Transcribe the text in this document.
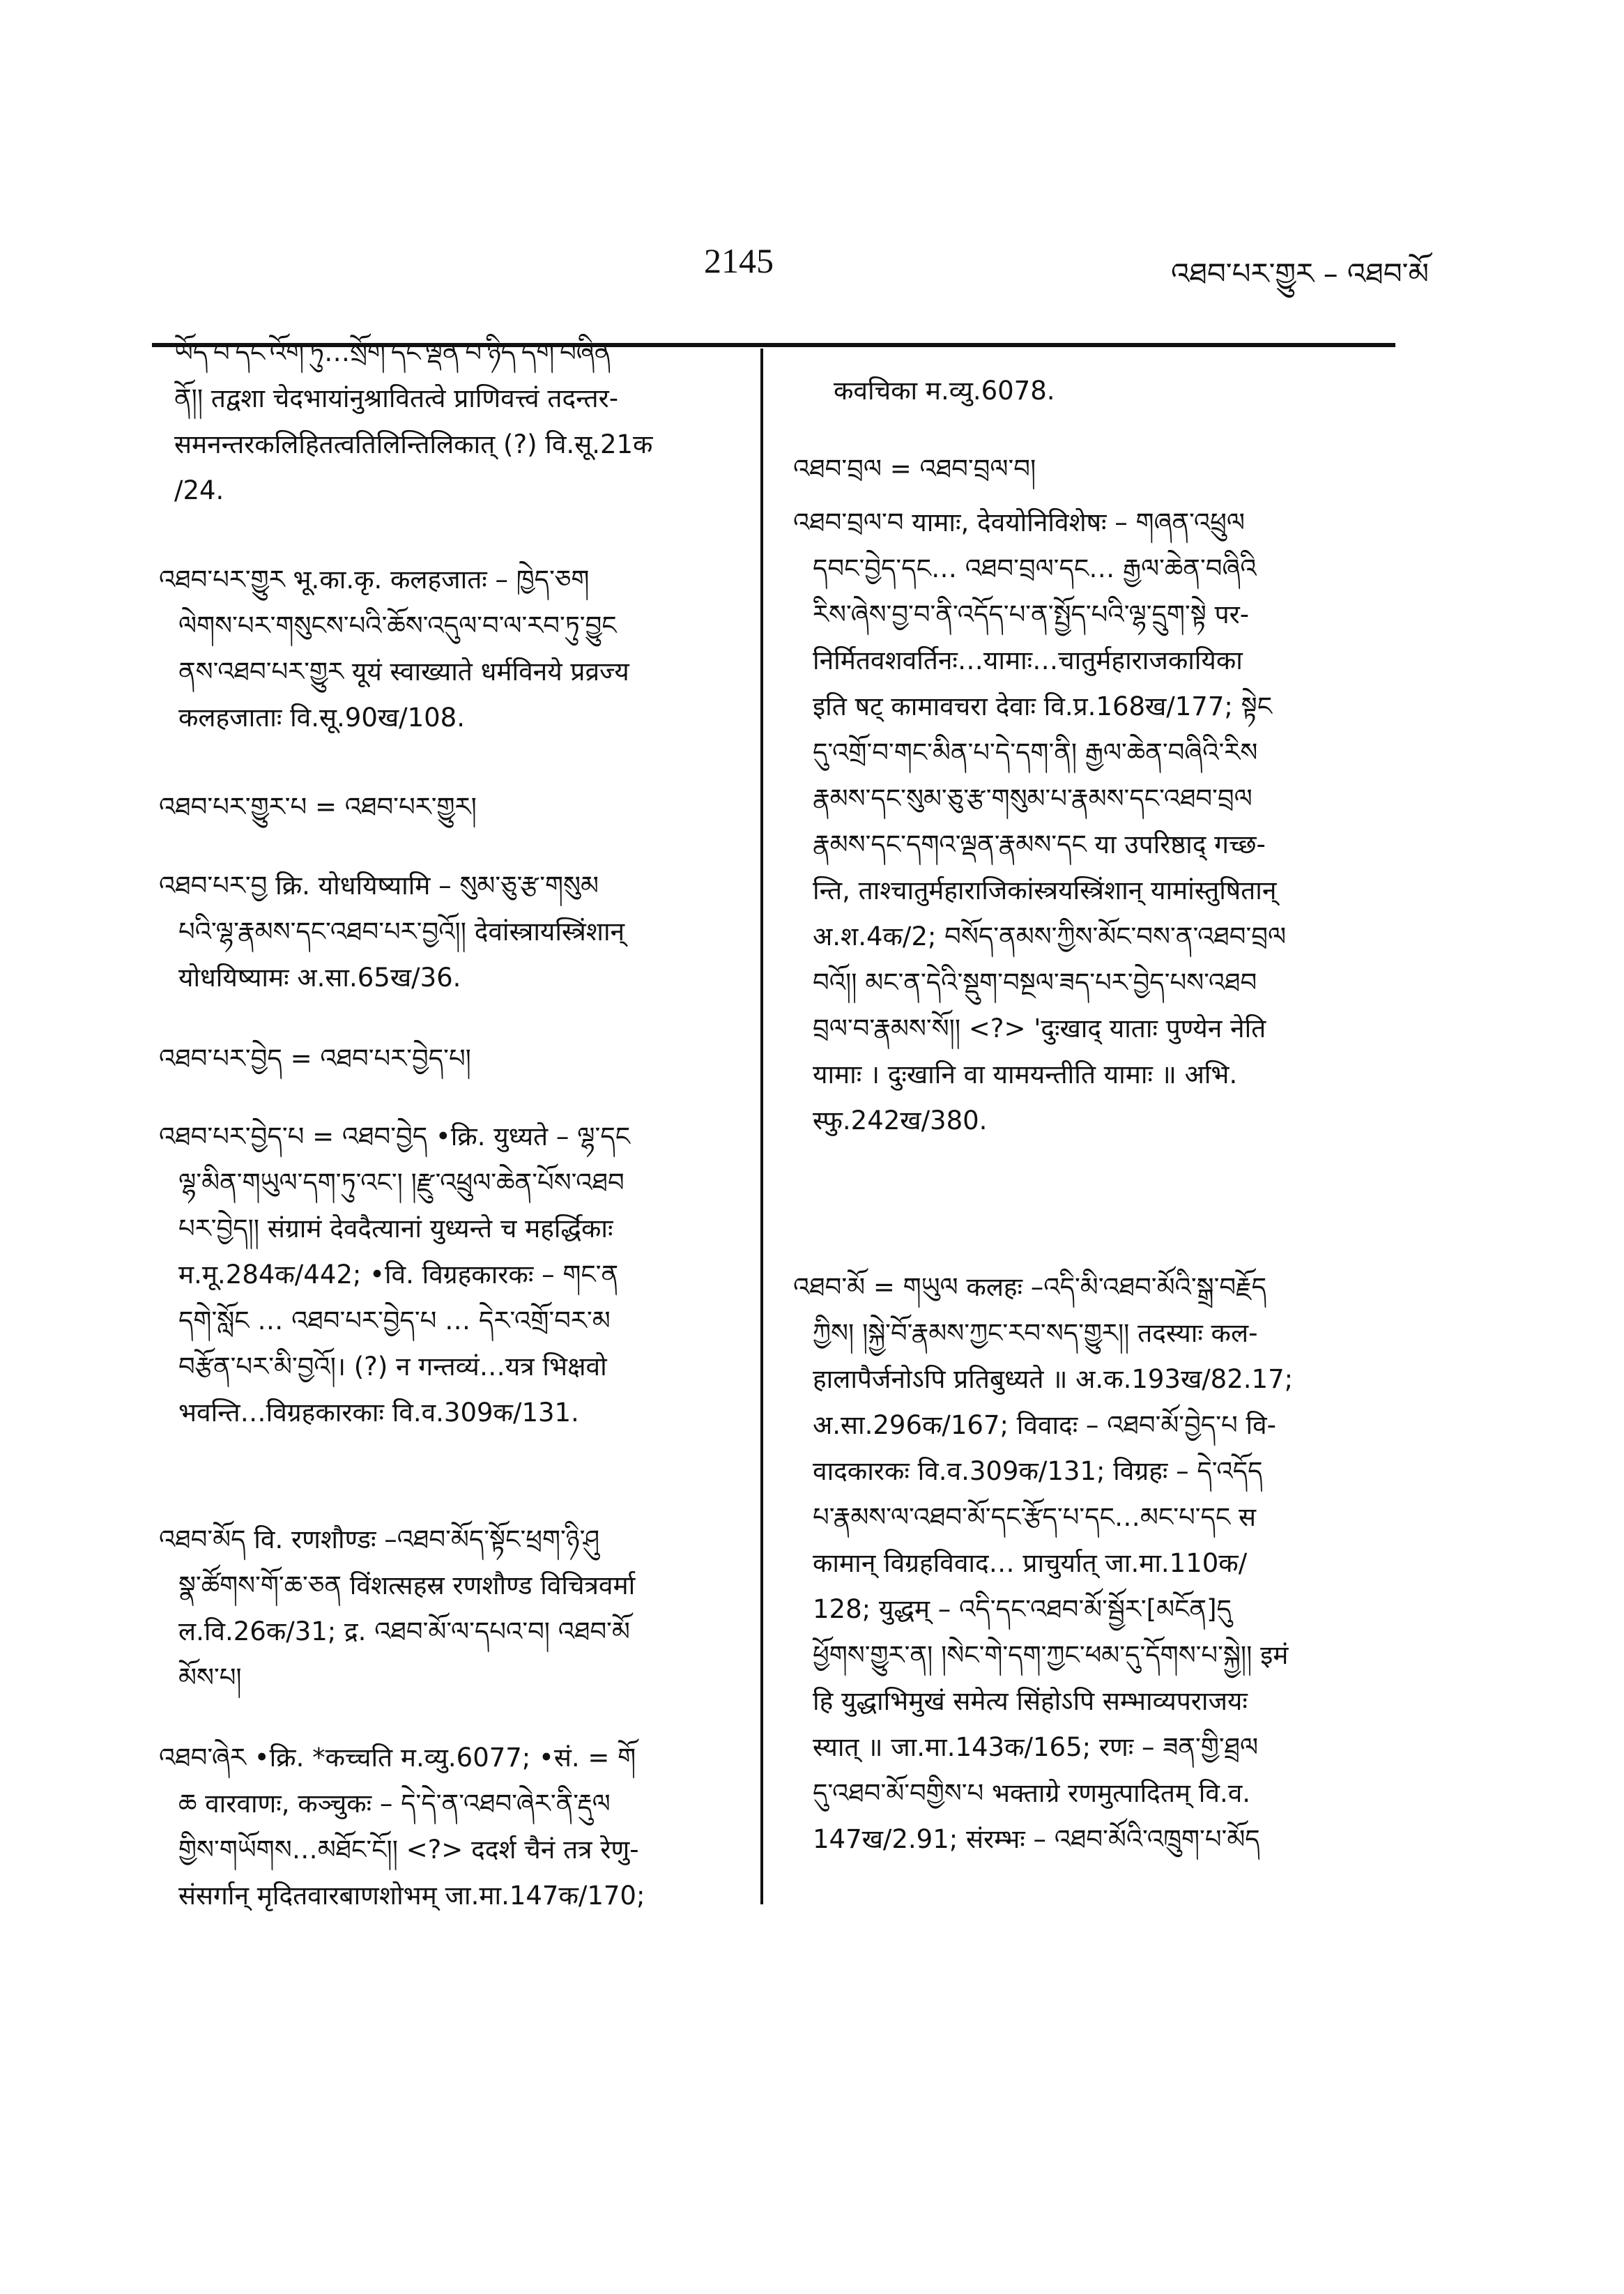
2145	འཐབ་པར་གྱུར – འཐབ་མོ
ཡོད་པ་དང་འོག་ཏུ…སྲོག་དང་ལྡན་པ་ཉིད་དག་བཞིན
ནོ།། तद्वशा चेदभायांनुश्रावितत्वे प्राणिवत्त्वं तदन्तर-
समनन्तरकलिहितत्वतिलिन्तिलिकात् (?) वि.सू.21क
/24.
འཐབ་པར་གྱུར भू.का.कृ. कलहजातः – ཁྱེད་ཅག
ལེགས་པར་གསུངས་པའི་ཆོས་འདུལ་བ་ལ་རབ་ཏུ་བྱུང
ནས་འཐབ་པར་གྱུར यूयं स्वाख्याते धर्मविनये प्रव्रज्य
कलहजाताः वि.सू.90ख/108.
འཐབ་པར་གྱུར་པ = འཐབ་པར་གྱུར།
འཐབ་པར་བྱ क्रि. योधयिष्यामि – སུམ་ཅུ་རྩ་གསུམ
པའི་ལྷ་རྣམས་དང་འཐབ་པར་བྱའོ།། देवांस्त्रायस्त्रिंशान्
योधयिष्यामः अ.सा.65ख/36.
འཐབ་པར་བྱེད = འཐབ་པར་བྱེད་པ།
འཐབ་པར་བྱེད་པ = འཐབ་བྱེད •क्रि. युध्यते – ལྷ་དང
ལྷ་མིན་གཡུལ་དག་ཏུ་འང་། །རྫུ་འཕྲུལ་ཆེན་པོས་འཐབ
པར་བྱེད།། संग्रामं देवदैत्यानां युध्यन्ते च महर्द्धिकाः
म.मू.284क/442; •वि. विग्रहकारकः – གང་ན
དགེ་སློང … འཐབ་པར་བྱེད་པ … དེར་འགྲོ་བར་མ
བརྩོན་པར་མི་བྱའོ།। (?) न गन्तव्यं…यत्र भिक्षवो
भवन्ति…विग्रहकारकाः वि.व.309क/131.
འཐབ་མོད वि. रणशौण्डः –འཐབ་མོད་སྟོང་ཕྲག་ཉི་ཤུ
སྣ་ཚོགས་གོ་ཆ་ཅན विंशत्सहस्र रणशौण्ड विचित्रवर्मा
ल.वि.26क/31; द्र. འཐབ་མོ་ལ་དཔའ་བ། འཐབ་མོ
མོས་པ།
འཐབ་ཞེར •क्रि. *कच्चति म.व्यु.6077; •सं. = གོ
ཆ वारवाणः, कञ्चुकः – དེ་དེ་ན་འཐབ་ཞེར་ནི་རྡུལ
གྱིས་གཡོགས…མཐོང་ངོ།། <?> ददर्श चैनं तत्र रेणु-
संसर्गान् मृदितवारबाणशोभम् जा.मा.147क/170;
कवचिका म.व्यु.6078.
འཐབ་བྲལ = འཐབ་བྲལ་བ།
འཐབ་བྲལ་བ यामाः, देवयोनिविशेषः – གཞན་འཕྲུལ
དབང་བྱེད་དང… འཐབ་བྲལ་དང… རྒྱལ་ཆེན་བཞིའི
རིས་ཞེས་བྱ་བ་ནི་འདོད་པ་ན་སྤྱོད་པའི་ལྷ་དྲུག་སྟེ पर-
निर्मितवशवर्तिनः…यामाः…चातुर्महाराजकायिका
इति षट् कामावचरा देवाः वि.प्र.168ख/177; སྟེང
དུ་འགྲོ་བ་གང་མིན་པ་དེ་དག་ནི། རྒྱལ་ཆེན་བཞིའི་རིས
རྣམས་དང་སུམ་ཅུ་རྩ་གསུམ་པ་རྣམས་དང་འཐབ་བྲལ
རྣམས་དང་དགའ་ལྡན་རྣམས་དང या उपरिष्ठाद् गच्छ-
न्ति, ताश्चातुर्महाराजिकांस्त्रयस्त्रिंशान् यामांस्तुषितान्
अ.श.4क/2; བསོད་ནམས་ཀྱིས་མོང་བས་ན་འཐབ་བྲལ
བའོ།། མང་ན་དེའི་སྡུག་བསྔལ་ཟད་པར་བྱེད་པས་འཐབ
བྲལ་བ་རྣམས་སོ།། <?> 'दुःखाद् याताः पुण्येन नेति
यामाः । दुःखानि वा यामयन्तीति यामाः ॥ अभि.
स्फु.242ख/380.
འཐབ་མོ = གཡུལ कलहः –འདི་མི་འཐབ་མོའི་སྒྲ་བརྗོད
ཀྱིས། །སྐྱེ་བོ་རྣམས་ཀྱང་རབ་སད་གྱུར།། तदस्याः कल-
हालापैर्जनोऽपि प्रतिबुध्यते ॥ अ.क.193ख/82.17;
अ.सा.296क/167; विवादः – འཐབ་མོ་བྱེད་པ वि-
वादकारकः वि.व.309क/131; विग्रहः – དེ་འདོད
པ་རྣམས་ལ་འཐབ་མོ་དང་རྩོད་པ་དང…མང་པ་དང स
कामान् विग्रहविवाद… प्राचुर्यात् जा.मा.110क/
128; युद्धम् – འདི་དང་འཐབ་མོ་སྦྱོར་[མངོན]དུ
ཕྱོགས་གྱུར་ན། །སེང་གེ་དག་ཀྱང་ཕམ་དུ་དོགས་པ་སྐྱེ།། इमं
हि युद्धाभिमुखं समेत्य सिंहोऽपि सम्भाव्यपराजयः
स्यात् ॥ जा.मा.143क/165; रणः – ཟན་གྱི་ཐྲལ
དུ་འཐབ་མོ་བགྱིས་པ भक्ताग्रे रणमुत्पादितम् वि.व.
147ख/2.91; संरम्भः – འཐབ་མོའི་འཁྲུག་པ་མོད
